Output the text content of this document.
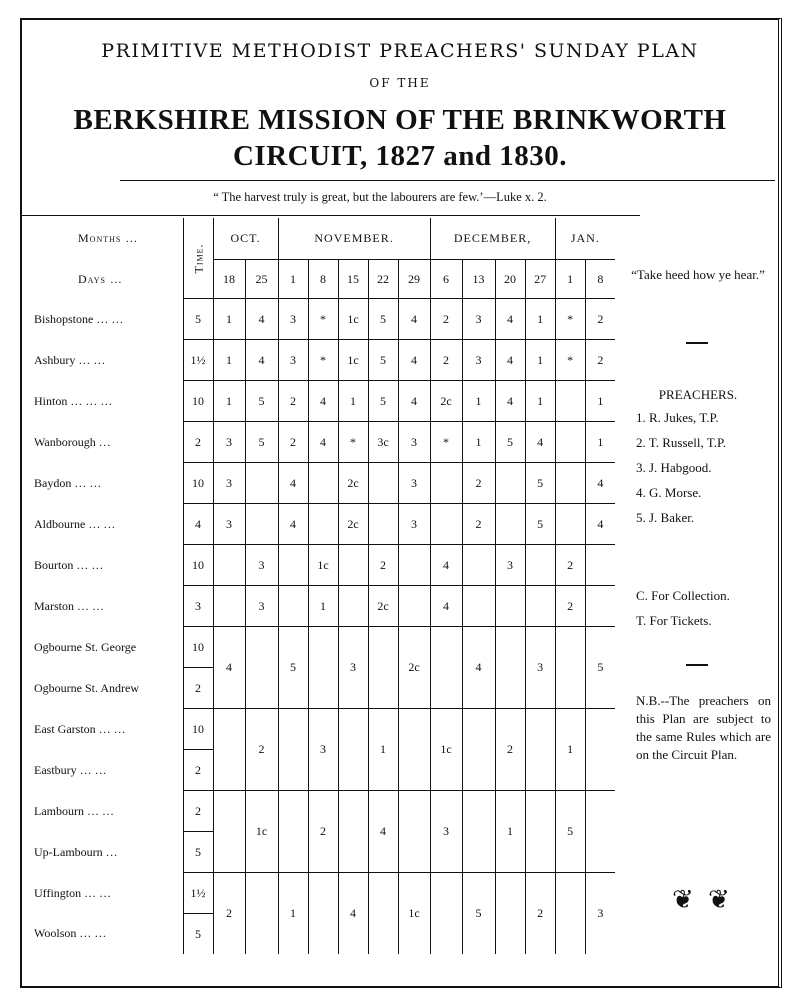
PRIMITIVE METHODIST PREACHERS' SUNDAY PLAN
OF THE
BERKSHIRE MISSION OF THE BRINKWORTH
CIRCUIT, 1827 and 1830.
“ The harvest truly is great, but the labourers are few.’—Luke x. 2.
Months …	Time.	OCT.		NOVEMBER.					DECEMBER,				JAN.	
Days …		18	25	1	8	15	22	29	6	13	20	27	1	8
Bishopstone … …	5	1	4	3	*	1c	5	4	2	3	4	1	*	2
Ashbury … …	1½	1	4	3	*	1c	5	4	2	3	4	1	*	2
Hinton … … …	10	1	5	2	4	1	5	4	2c	1	4	1		1
Wanborough …	2	3	5	2	4	*	3c	3	*	1	5	4		1
Baydon … …	10	3		4		2c		3		2		5		4
Aldbourne … …	4	3		4		2c		3		2		5		4
Bourton … …	10		3		1c		2		4		3		2	
Marston … …	3		3		1		2c		4				2	
Ogbourne St. George	10	4		5		3		2c		4		3		5
Ogbourne St. Andrew	2													
East Garston … …	10		2		3		1		1c		2		1	
Eastbury … …	2													
Lambourn … …	2		1c		2		4		3		1		5	
Up-Lambourn …	5													
Uffington … …	1½	2		1		4		1c		5		2		3
Woolson … …	5													
“Take heed how ye hear.”
PREACHERS.
1. R. Jukes, T.P.
2. T. Russell, T.P.
3. J. Habgood.
4. G. Morse.
5. J. Baker.
C. For Collection.
T. For Tickets.
N.B.--The preachers on this Plan are subject to the same Rules which are on the Circuit Plan.
❦ ❦
